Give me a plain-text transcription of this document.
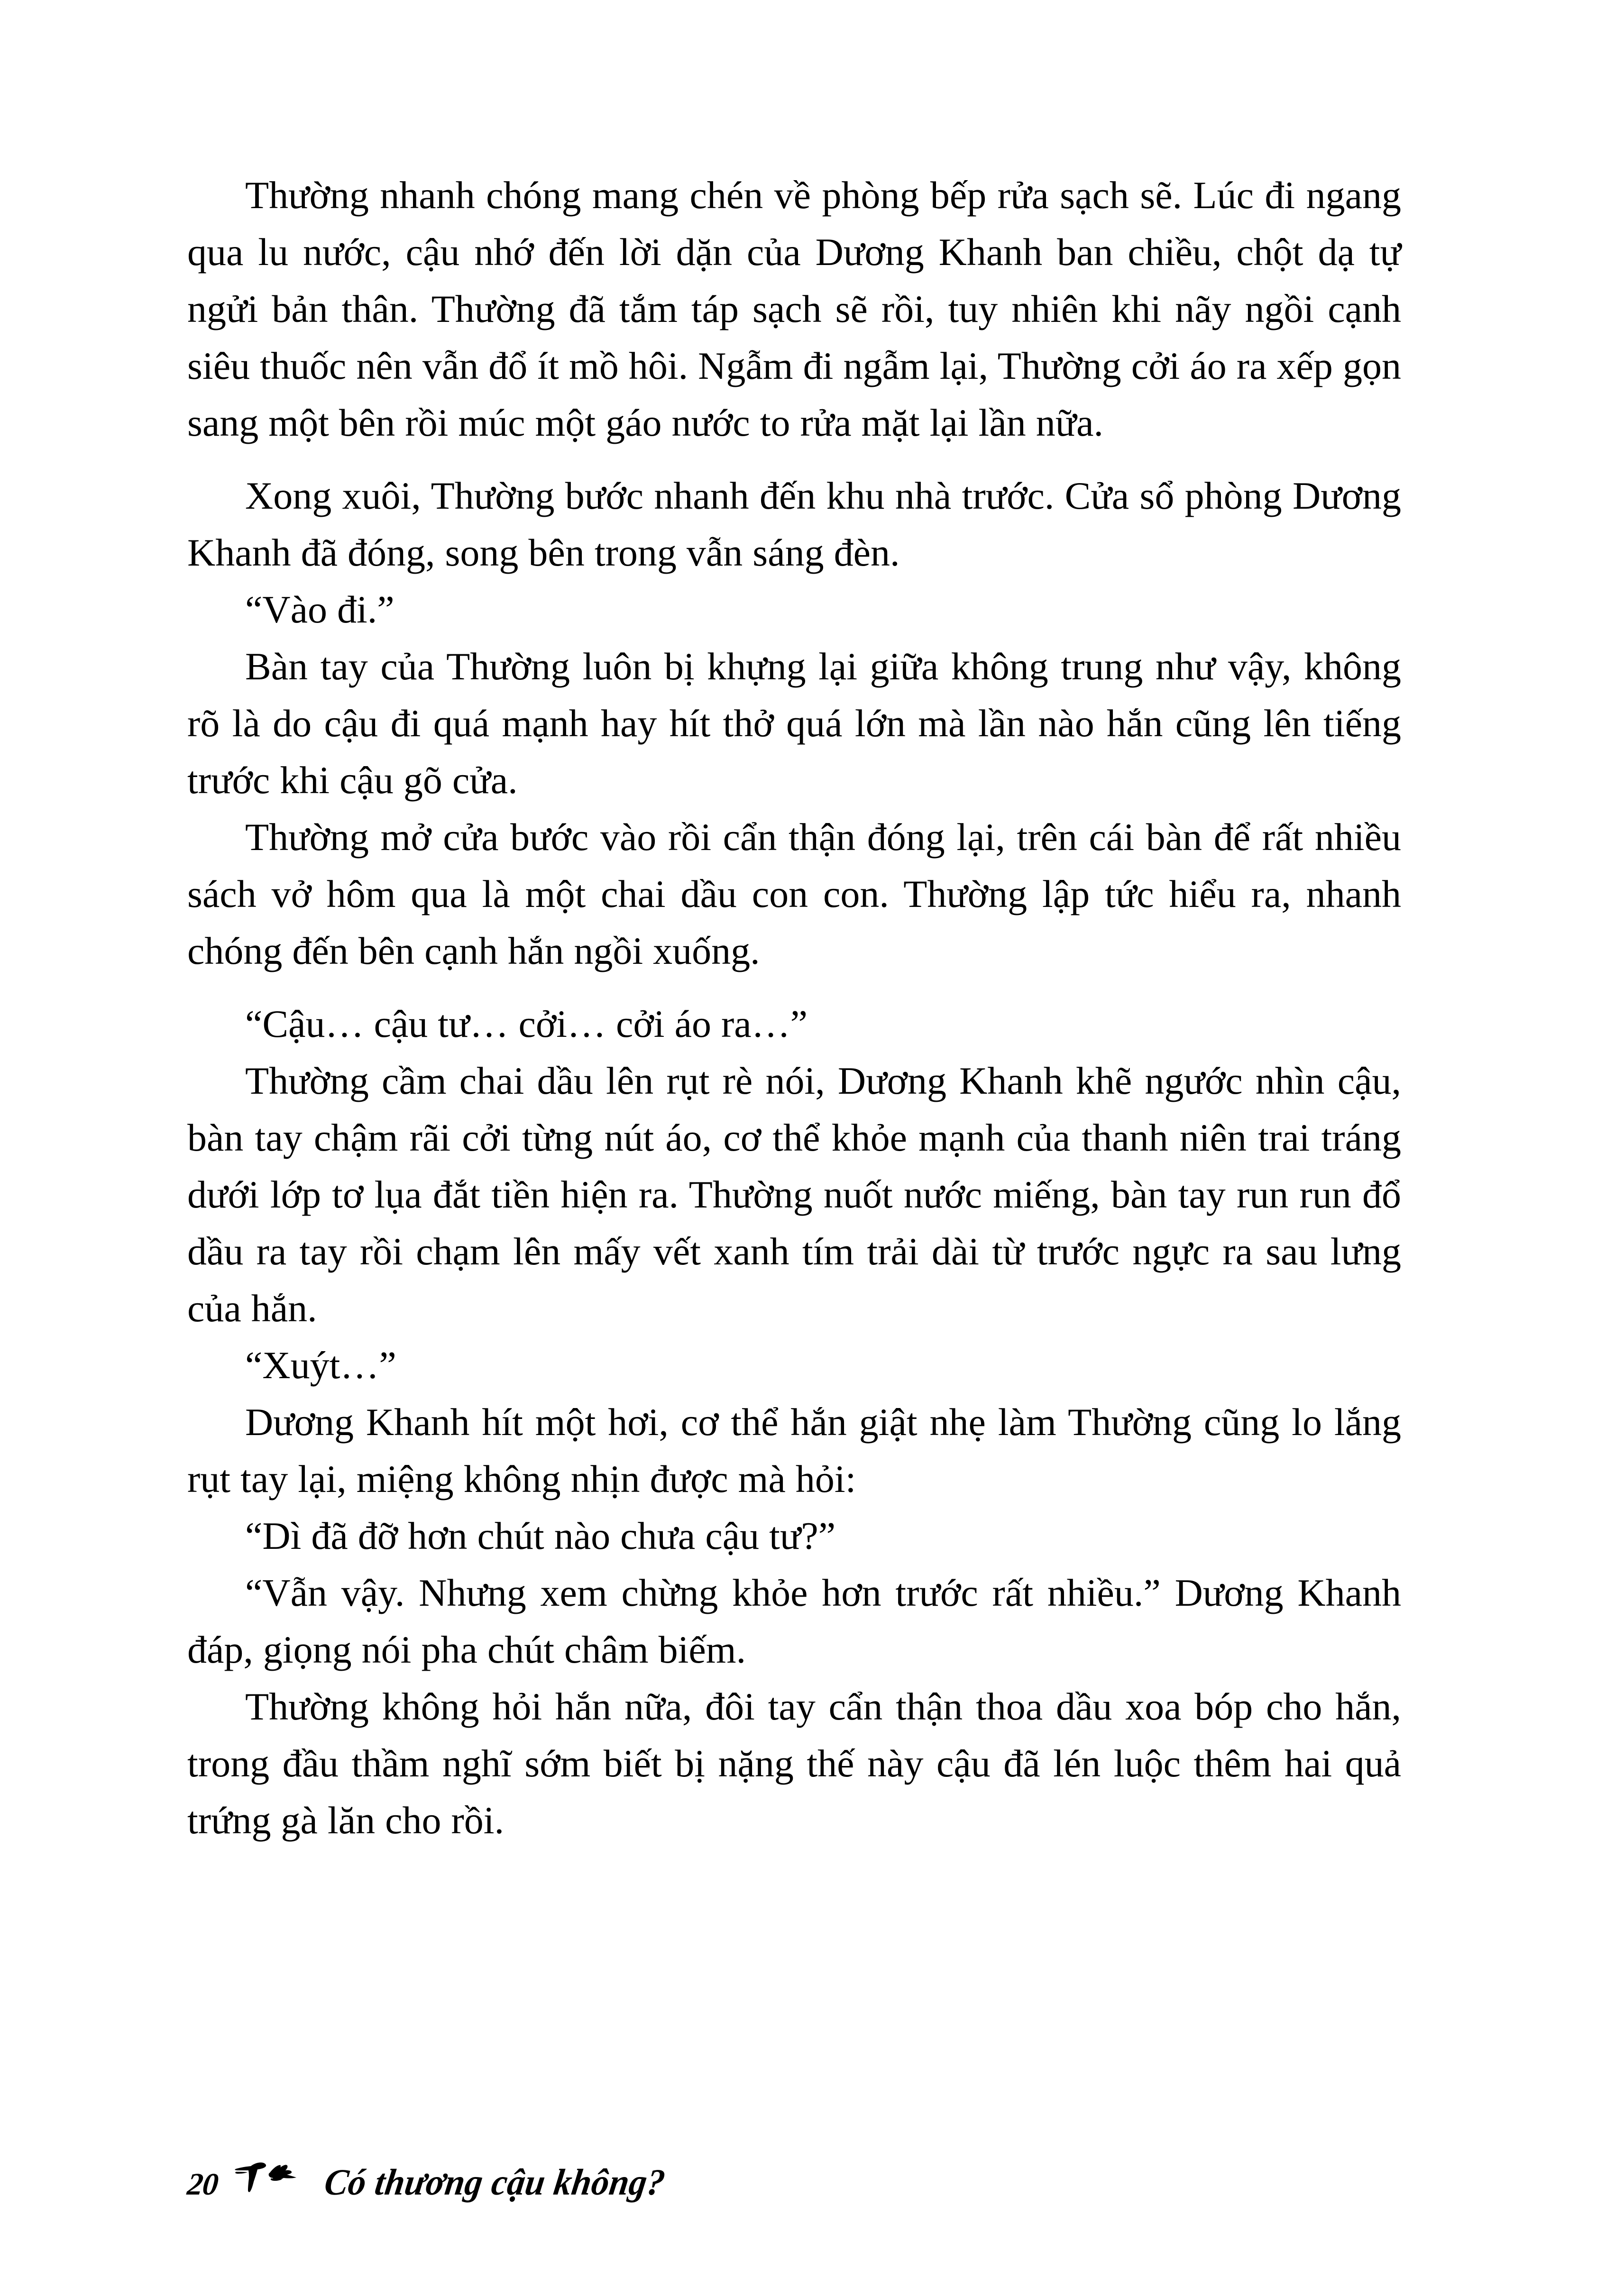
Thường nhanh chóng mang chén về phòng bếp rửa sạch sẽ. Lúc đi ngang qua lu nước, cậu nhớ đến lời dặn của Dương Khanh ban chiều, chột dạ tự ngửi bản thân. Thường đã tắm táp sạch sẽ rồi, tuy nhiên khi nãy ngồi cạnh siêu thuốc nên vẫn đổ ít mồ hôi. Ngẫm đi ngẫm lại, Thường cởi áo ra xếp gọn sang một bên rồi múc một gáo nước to rửa mặt lại lần nữa.

Xong xuôi, Thường bước nhanh đến khu nhà trước. Cửa sổ phòng Dương Khanh đã đóng, song bên trong vẫn sáng đèn.

“Vào đi.”

Bàn tay của Thường luôn bị khựng lại giữa không trung như vậy, không rõ là do cậu đi quá mạnh hay hít thở quá lớn mà lần nào hắn cũng lên tiếng trước khi cậu gõ cửa.

Thường mở cửa bước vào rồi cẩn thận đóng lại, trên cái bàn để rất nhiều sách vở hôm qua là một chai dầu con con. Thường lập tức hiểu ra, nhanh chóng đến bên cạnh hắn ngồi xuống.

“Cậu… cậu tư… cởi… cởi áo ra…”

Thường cầm chai dầu lên rụt rè nói, Dương Khanh khẽ ngước nhìn cậu, bàn tay chậm rãi cởi từng nút áo, cơ thể khỏe mạnh của thanh niên trai tráng dưới lớp tơ lụa đắt tiền hiện ra. Thường nuốt nước miếng, bàn tay run run đổ dầu ra tay rồi chạm lên mấy vết xanh tím trải dài từ trước ngực ra sau lưng của hắn.

“Xuýt…”

Dương Khanh hít một hơi, cơ thể hắn giật nhẹ làm Thường cũng lo lắng rụt tay lại, miệng không nhịn được mà hỏi:

“Dì đã đỡ hơn chút nào chưa cậu tư?”

“Vẫn vậy. Nhưng xem chừng khỏe hơn trước rất nhiều.” Dương Khanh đáp, giọng nói pha chút châm biếm.

Thường không hỏi hắn nữa, đôi tay cẩn thận thoa dầu xoa bóp cho hắn, trong đầu thầm nghĩ sớm biết bị nặng thế này cậu đã lén luộc thêm hai quả trứng gà lăn cho rồi.

20	Có thương cậu không?
